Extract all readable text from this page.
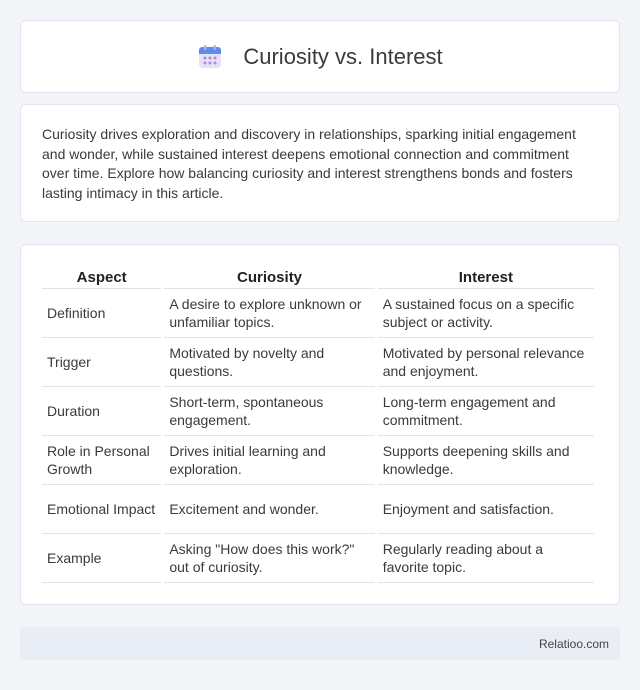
Curiosity vs. Interest

Curiosity drives exploration and discovery in relationships, sparking initial engagement and wonder, while sustained interest deepens emotional connection and commitment over time. Explore how balancing curiosity and interest strengthens bonds and fosters lasting intimacy in this article.

Aspect	Curiosity	Interest
Definition	A desire to explore unknown or unfamiliar topics.	A sustained focus on a specific subject or activity.
Trigger	Motivated by novelty and questions.	Motivated by personal relevance and enjoyment.
Duration	Short-term, spontaneous engagement.	Long-term engagement and commitment.
Role in Personal Growth	Drives initial learning and exploration.	Supports deepening skills and knowledge.
Emotional Impact	Excitement and wonder.	Enjoyment and satisfaction.
Example	Asking "How does this work?" out of curiosity.	Regularly reading about a favorite topic.
Relatioo.com
